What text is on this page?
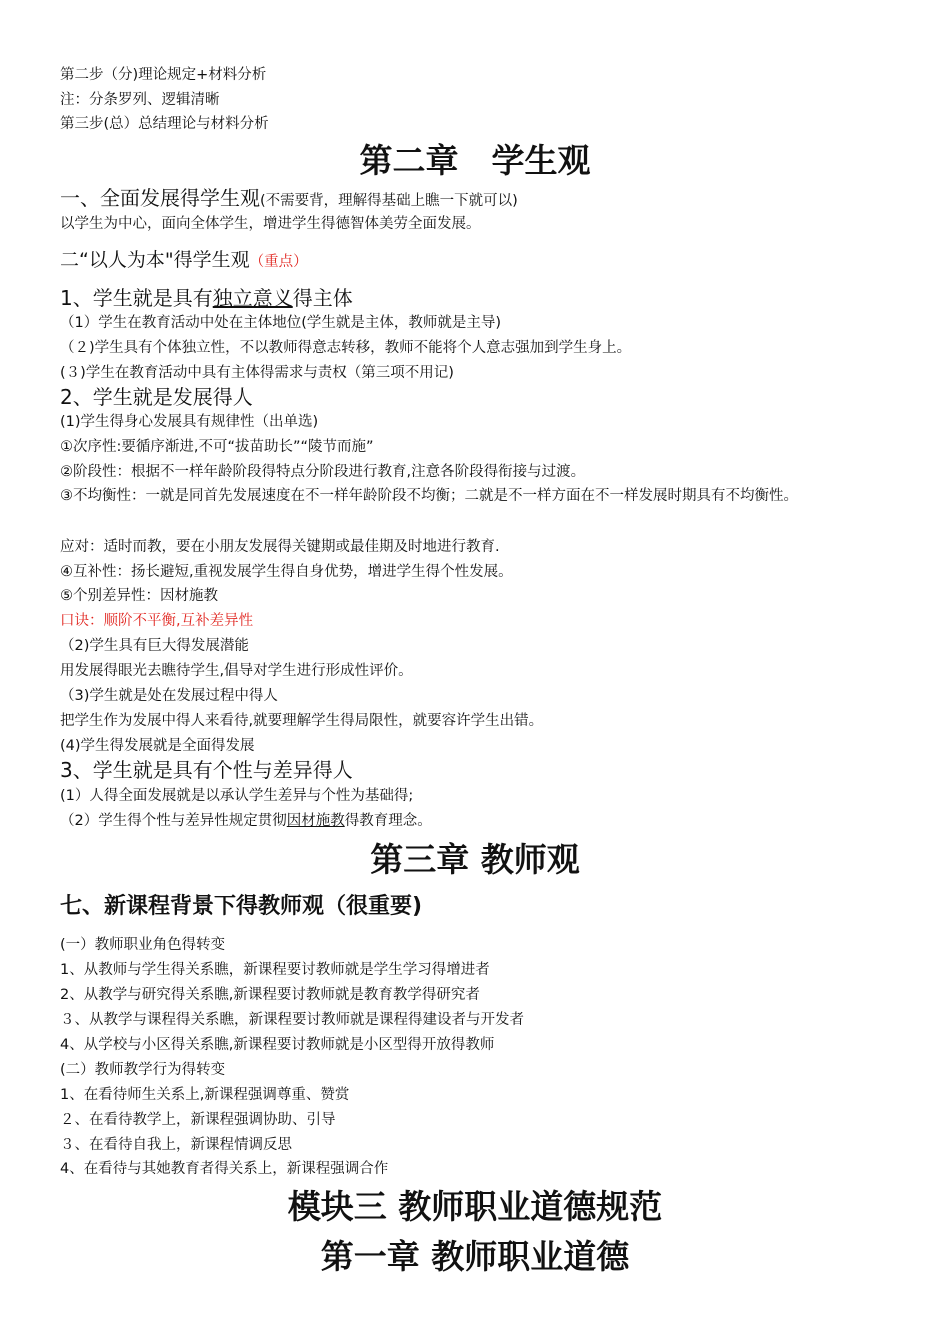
第二步（分)理论规定+材料分析
注：分条罗列、逻辑清晰
第三步(总）总结理论与材料分析
第二章　学生观
一、全面发展得学生观(不需要背，理解得基础上瞧一下就可以)
以学生为中心，面向全体学生，增进学生得德智体美劳全面发展。
二“以人为本"得学生观（重点）
1、学生就是具有独立意义得主体
（1）学生在教育活动中处在主体地位(学生就是主体，教师就是主导)
（２)学生具有个体独立性，不以教师得意志转移，教师不能将个人意志强加到学生身上。
(３)学生在教育活动中具有主体得需求与责权（第三项不用记)
2、学生就是发展得人
(1)学生得身心发展具有规律性（出单选)
①次序性:要循序渐进,不可“拔苗助长”“陵节而施”
②阶段性：根据不一样年龄阶段得特点分阶段进行教育,注意各阶段得衔接与过渡。
③不均衡性：一就是同首先发展速度在不一样年龄阶段不均衡；二就是不一样方面在不一样发展时期具有不均衡性。
应对：适时而教，要在小朋友发展得关键期或最佳期及时地进行教育.
④互补性：扬长避短,重视发展学生得自身优势，增进学生得个性发展。
⑤个别差异性：因材施教
口诀：顺阶不平衡,互补差异性
（2)学生具有巨大得发展潜能
用发展得眼光去瞧待学生,倡导对学生进行形成性评价。
（3)学生就是处在发展过程中得人
把学生作为发展中得人来看待,就要理解学生得局限性，就要容许学生出错。
(4)学生得发展就是全面得发展
3、学生就是具有个性与差异得人
(1）人得全面发展就是以承认学生差异与个性为基础得;
（2）学生得个性与差异性规定贯彻因材施教得教育理念。
第三章 教师观
七、新课程背景下得教师观（很重要)
(一）教师职业角色得转变
1、从教师与学生得关系瞧，新课程要讨教师就是学生学习得增进者
2、从教学与研究得关系瞧,新课程要讨教师就是教育教学得研究者
３、从教学与课程得关系瞧，新课程要讨教师就是课程得建设者与开发者
4、从学校与小区得关系瞧,新课程要讨教师就是小区型得开放得教师
(二）教师教学行为得转变
1、在看待师生关系上,新课程强调尊重、赞赏
２、在看待教学上，新课程强调协助、引导
３、在看待自我上，新课程情调反思
4、在看待与其她教育者得关系上，新课程强调合作
模块三 教师职业道德规范
第一章 教师职业道德
